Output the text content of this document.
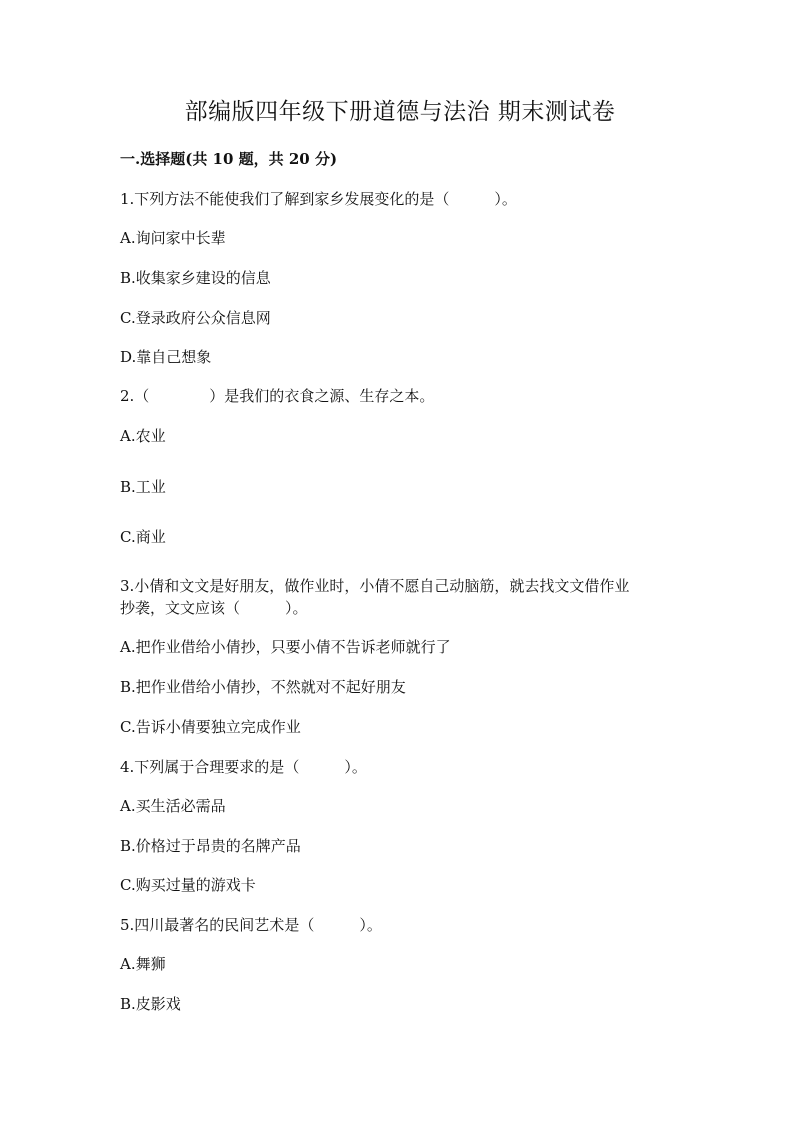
部编版四年级下册道德与法治 期末测试卷
一.选择题(共 10 题，共 20 分)
1.下列方法不能使我们了解到家乡发展变化的是（　　　）。
A.询问家中长辈
B.收集家乡建设的信息
C.登录政府公众信息网
D.靠自己想象
2.（　　　　）是我们的衣食之源、生存之本。
A.农业
B.工业
C.商业
3.小倩和文文是好朋友，做作业时，小倩不愿自己动脑筋，就去找文文借作业
抄袭，文文应该（　　　）。
A.把作业借给小倩抄，只要小倩不告诉老师就行了
B.把作业借给小倩抄，不然就对不起好朋友
C.告诉小倩要独立完成作业
4.下列属于合理要求的是（　　　）。
A.买生活必需品
B.价格过于昂贵的名牌产品
C.购买过量的游戏卡
5.四川最著名的民间艺术是（　　　）。
A.舞狮
B.皮影戏
